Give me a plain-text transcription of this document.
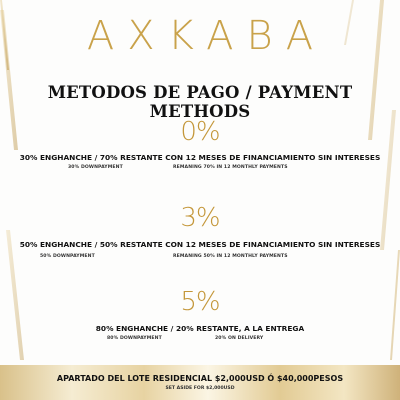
AXKABA
METODOS DE PAGO / PAYMENT METHODS
0%
30% ENGHANCHE / 70% RESTANTE CON 12 MESES DE FINANCIAMIENTO SIN INTERESES
30% DOWNPAYMENT	REMANING 70% IN 12 MONTHLY PAYMENTS
3%
50% ENGHANCHE / 50% RESTANTE CON 12 MESES DE FINANCIAMIENTO SIN INTERESES
50% DOWNPAYMENT	REMANING 50% IN 12 MONTHLY PAYMENTS
5%
80% ENGHANCHE / 20% RESTANTE, A LA ENTREGA
80% DOWNPAYMENT	20% ON DELIVERY
APARTADO DEL LOTE RESIDENCIAL $2,000USD Ó $40,000PESOS
SET ASIDE FOR $2,000USD
